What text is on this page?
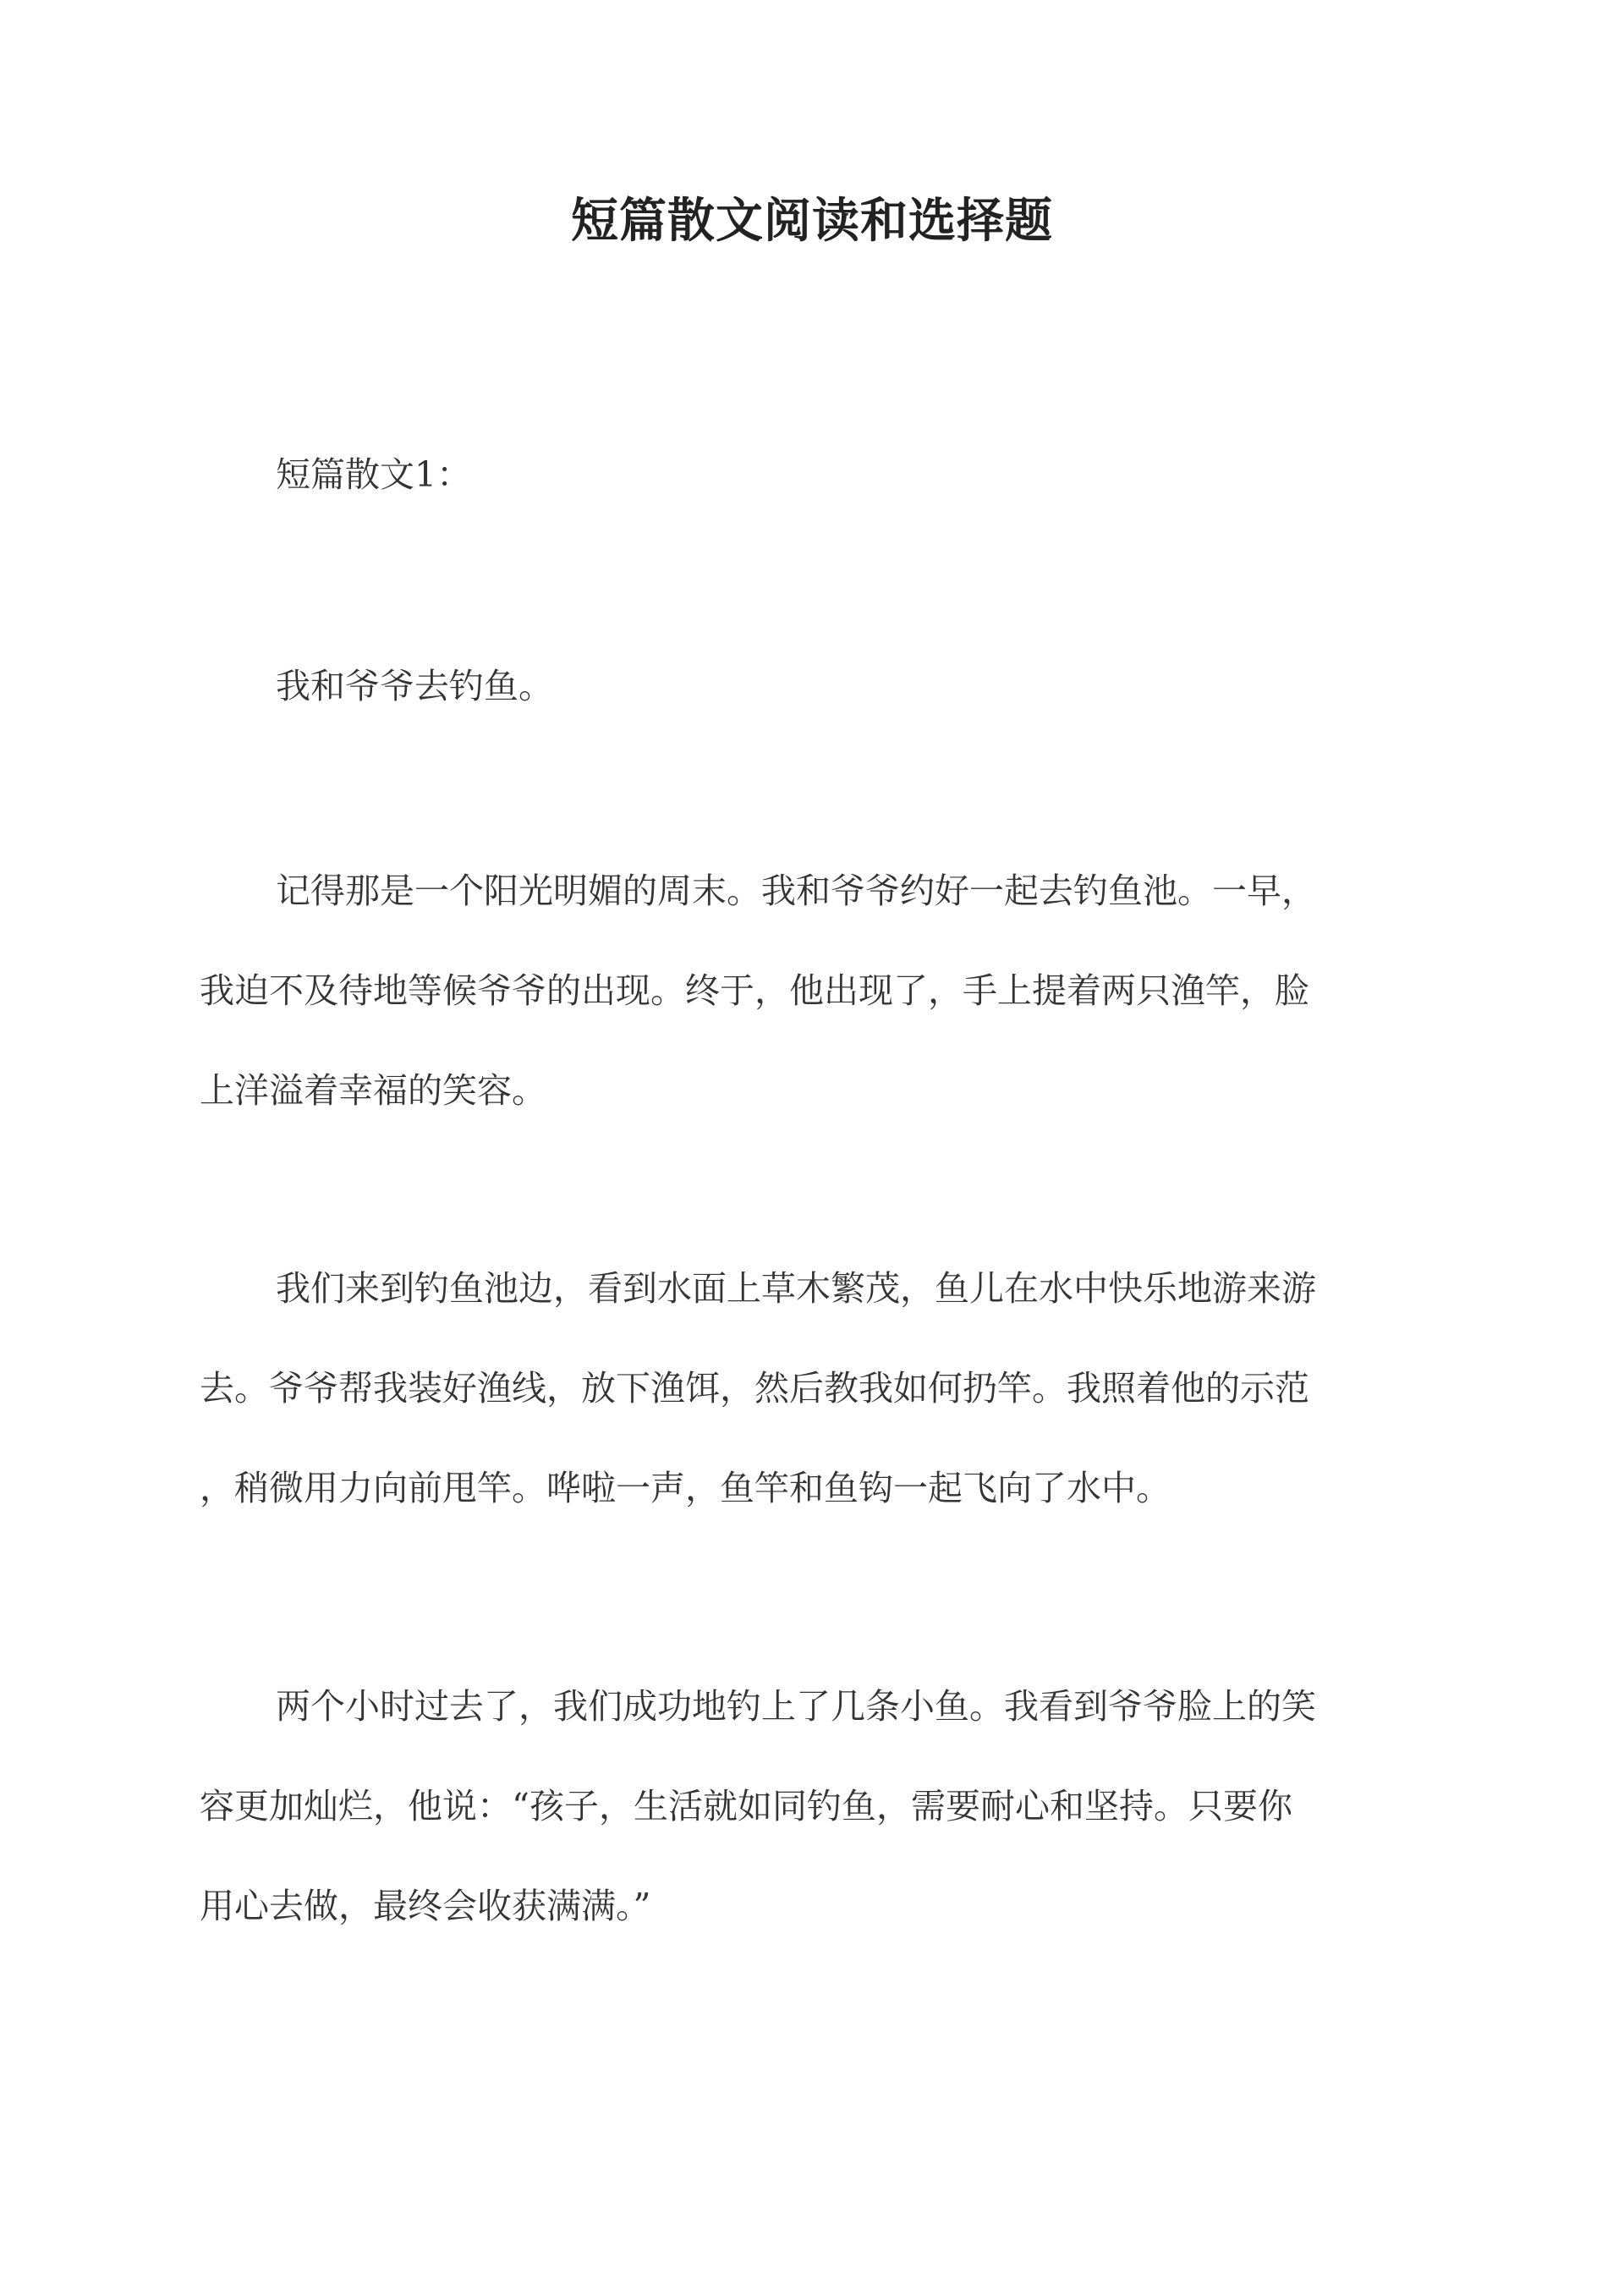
短篇散文阅读和选择题
短篇散文1：
我和爷爷去钓鱼。
记得那是一个阳光明媚的周末。我和爷爷约好一起去钓鱼池。一早，
我迫不及待地等候爷爷的出现。终于，他出现了，手上提着两只渔竿，脸
上洋溢着幸福的笑容。
我们来到钓鱼池边，看到水面上草木繁茂，鱼儿在水中快乐地游来游
去。爷爷帮我装好渔线，放下渔饵，然后教我如何扔竿。我照着他的示范
，稍微用力向前甩竿。哗啦一声，鱼竿和鱼钩一起飞向了水中。
两个小时过去了，我们成功地钓上了几条小鱼。我看到爷爷脸上的笑
容更加灿烂，他说：“孩子，生活就如同钓鱼，需要耐心和坚持。只要你
用心去做，最终会收获满满。”
